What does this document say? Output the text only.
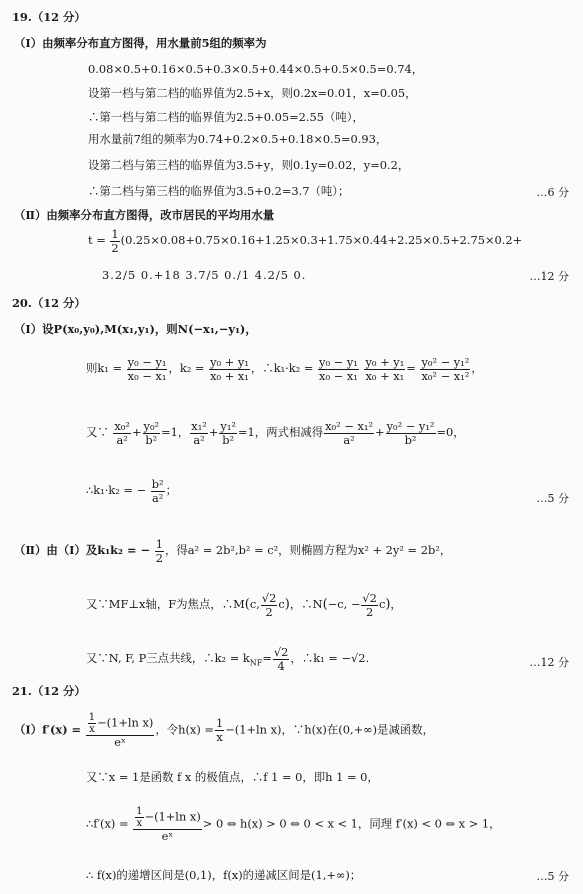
19.（12 分）
（Ⅰ）由频率分布直方图得，用水量前5组的频率为
0.08×0.5+0.16×0.5+0.3×0.5+0.44×0.5+0.5×0.5=0.74，
设第一档与第二档的临界值为2.5+x，则0.2x=0.01，x=0.05，
∴第一档与第二档的临界值为2.5+0.05=2.55（吨），
用水量前7组的频率为0.74+0.2×0.5+0.18×0.5=0.93，
设第二档与第三档的临界值为3.5+y，则0.1y=0.02，y=0.2，
∴第二档与第三档的临界值为3.5+0.2=3.7（吨）；	…6 分
（Ⅱ）由频率分布直方图得，改市居民的平均用水量
$t = \frac{1}{2} (0.25\times 0.08+0.75\times 0.16+1.25\times 0.3+1.75\times 0.44+2.25\times 0.5+2.75\times 0.2+$
3.2∕5 0.+18 3.7∕5 0.∕1 4.2∕5 0.	…12 分
20.（12 分）
（Ⅰ）设P(x₀,y₀),M(x₁,y₁)，则N(−x₁,−y₁)，
则$k_1 = \frac{\text{y₀ − y₁}}{\text{x₀ − x₁}}$ ，$k_2 = \frac{\text{y₀ + y₁}}{\text{x₀ + x₁}}$ ，∴k₁·k₂ = $\frac{\text{y₀ − y₁}}{\text{x₀ − x₁}}$
$\frac{\text{y₀ + y₁}}{\text{x₀ + x₁}} = \frac{\text{y₀² − y₁²}}{\text{x₀² − x₁²}}$ ，
又∵ $\frac{\text{x₀²}}{\text{a²}} + \frac{\text{y₀²}}{\text{b²}} =1$， $\frac{\text{x₁²}}{\text{a²}} + \frac{\text{y₁²}}{\text{b²}} =1$，两式相减得 $\frac{\text{x₀² − x₁²}}{\text{a²}} + \frac{\text{y₀² − y₁²}}{\text{b²}} =0$，
∴k₁·k₂ = − $\frac{\text{b²}}{\text{a²}}$ ；
…5 分
（Ⅱ）由（Ⅰ）及k₁k₂ = − $\frac{1}{2}$ ，得a² = 2b²,b² = c²，则椭圆方程为x² + 2y² = 2b²，
又∵MF⊥x轴，F为焦点，∴M(c, $\frac{√2}{2} c$)，∴N(−c, − $\frac{√2}{2} c$)，
又∵N, F, P三点共线，∴k₂ = $k_{NF}= \frac{√2}{4}$ ，∴k₁ = −√2.	…12 分
21.（12 分）
（Ⅰ）f′(x) = $\frac{\frac{1}{x} -(1+\ln x)}{\text{eˣ}}$ ，令$h(x) = \frac{1}{x} -(1+\ln$ x)，∵h(x)在(0,+∞)是减函数，
又∵x = 1是函数 f x 的极值点，∴f 1 = 0，即h 1 = 0，
∴f′(x) = $\frac{\frac{1}{x} -(1+\ln x)}{\text{eˣ}} > 0$ ⇔ h(x) > 0 ⇔ 0 < x < 1，同理 f′(x) < 0 ⇔ x > 1，
∴ f(x)的递增区间是(0,1)，f(x)的递减区间是(1,+∞)；	…5 分
